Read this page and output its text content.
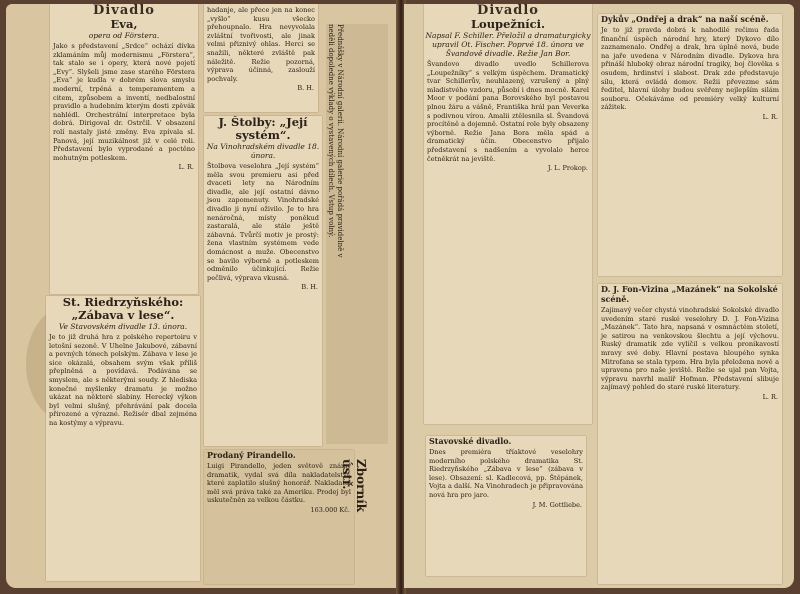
Divadlo
Eva,
opera od Förstera.
Jako s představení „Srdce“ ochází dívka zklamáním můj modernismu „Förstera“, tak stalo se i opery, která nové pojetí „Evy“. Slyšeli jsme zase starého Förstera „Eva“ je kudla v dobrém slova smyslu moderní, trpěná a temperamentem a citem, způsobem a inventí, nedbalostní pravidlo a hudebním kterým dosti zpěvák nahlédl. Orchestrální interpretace byla dobrá. Dirigoval dr. Ostrčil. V obsazení rolí nastaly jisté změny. Eva zpívala sl. Panová, její muzikálnost již v celé roli. Představení bylo vyprodané a poctěno mohutným potleskem.
L. R.
St. Riedrzyňského: „Zábava v lese“.
Ve Stavovském divadle 13. února.
Je to již druhá hra z polského repertoiru v letošní sezoně. V Uhelne Jakubové, zábavní a pevných tónech polským. Zábava v lese je sice okázalá, obsahem svým však příliš přeplněná a povídavá. Podávána se smyslem, ale s některými soudy. Z hlediska konečné myšlenky dramatu je možno ukázat na některé slabiny. Herecký výkon byl velmi slušný, přehrávání pak docela přirozené a výrazné. Režisér dbal zejména na kostýmy a výpravu.
hadanje, ale přece jen na konec „vyšlo“ kusu všecko přehoupnalo. Hra nevyvolala zvláštní tvořivosti, ale jinak velmi přiznivý ohlas. Herci se snažili, některé zvláště pak náležitě. Režie pozorná, výprava účinná, zaslouží pochvaly.
B. H.
J. Štolby: „Její systém“.
Na Vinohradském divadle 18. února.
Štolbova veselohra „Její systém“ měla svou premieru asi před dvaceti lety na Národním divadle, ale její ostatní dávno jsou zapomenuty. Vinohradské divadlo ji nyní oživilo. Je to hra nenáročná, místy poněkud zastaralá, ale stále ještě zábavná. Tvůrčí motiv je prostý: žena vlastním systémem vede domácnost a muže. Obecenstvo se bavilo výborně a potleskem odměnilo účinkující. Režie pečlivá, výprava vkusná.
B. H.
Prodaný Pirandello.
Luigi Pirandello, jeden světově známý dramatik, vydal svá díla nakladatelství, které zaplatilo slušný honorář. Nakladatel měl svá práva také za Ameriku. Prodej byl uskutečněn za velkou částku.
163.000 Kč.
Přednášky v Národní galerii. Národní galerie pořádá pravidelně v neděli dopoledne výklady o vystavených dílech. Vstup volný.
Zborník ústř.
Divadlo
Loupežníci.
Napsal F. Schiller. Přeložil a dramaturgicky upravil Ot. Fischer. Poprvé 18. února ve Švandově divadle. Režie Jan Bor.
Švandovo divadlo uvedlo Schillerova „Loupežníky“ s velkým úspěchem. Dramatický tvar Schillerův, neuhlazený, vzrušený a plný mladistvého vzdoru, působí i dnes mocně. Karel Moor v podání pana Borovského byl postavou plnou žáru a vášně, Františka hrál pan Veverka s podivnou vírou. Amalii ztělesnila sl. Švandová procítěně a dojemně. Ostatní role byly obsazeny výborně. Režie Jana Bora měla spád a dramatický účin. Obecenstvo přijalo představení s nadšením a vyvolalo herce četněkrát na jeviště.
J. L. Prokop.
Stavovské divadlo.
Dnes premiéra tříaktové veselohry moderního polského dramatika St. Riedrzyňského „Zábava v lese“ (zábava v lese). Obsazení: sl. Kadlecová, pp. Štěpánek, Vojta a další. Na Vinohradech je připravována nová hra pro jaro.
J. M. Gottliebe.
Dykův „Ondřej a drak“ na naší scéně.
Je to již pravda dobrá k nahodilé rečimu řada finanční úspěch národní hry, který Dykovo dílo zaznamenalo. Ondřej a drak, hra úplně nová, bude na jaře uvedena v Národním divadle. Dykova hra přináší hluboký obraz národní tragiky, boj člověka s osudem, hrdinství i slabost. Drak zde představuje sílu, která ovládá domov. Režii převezme sám ředitel, hlavní úlohy budou svěřeny nejlepším silám souboru. Očekáváme od premiéry velký kulturní zážitek.
L. R.
D. J. Fon-Vizina „Mazánek“ na Sokolské scéně.
Zajímavý večer chystá vinohradské Sokolské divadlo uvedením staré ruské veselohry D. J. Fon-Vizina „Mazánek“. Tato hra, napsaná v osmnáctém století, je satirou na venkovskou šlechtu a její výchovu. Ruský dramatik zde vylíčil s velkou pronikavostí mravy své doby. Hlavní postava hloupého synka Mitrofana se stala typem. Hra byla přeložena nově a upravena pro naše jeviště. Režie se ujal pan Vojta, výpravu navrhl malíř Hofman. Představení slibuje zajímavý pohled do staré ruské literatury.
L. R.
